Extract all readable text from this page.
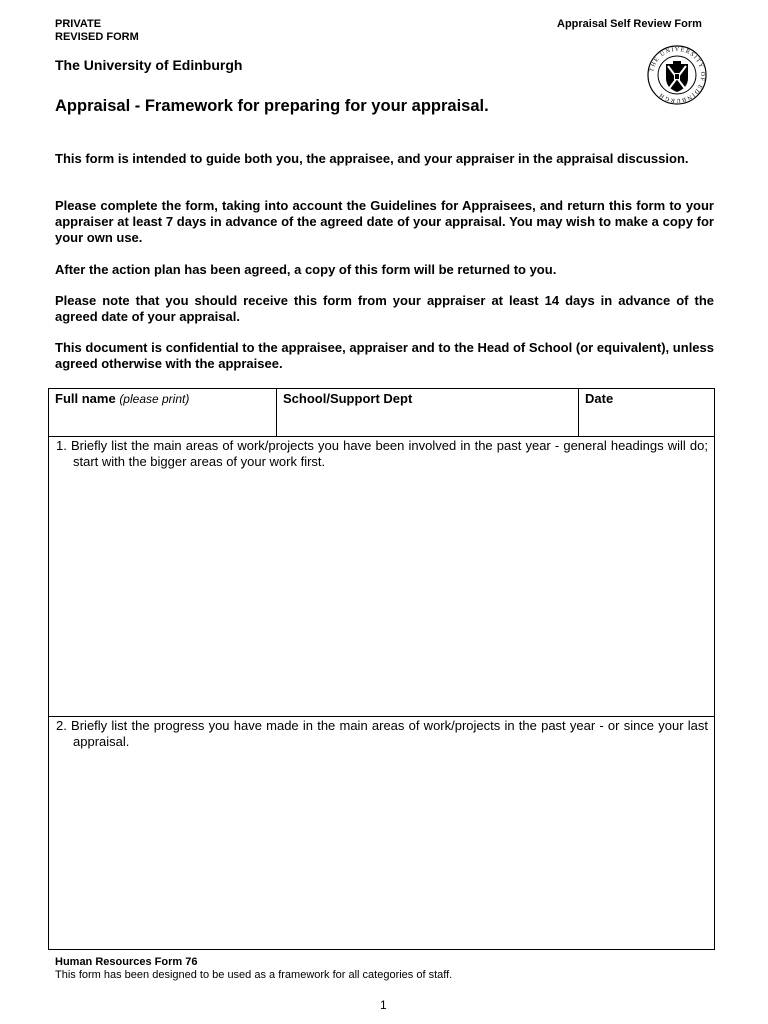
PRIVATE
REVISED FORM
Appraisal Self Review Form
The University of Edinburgh	THE UNIVERSITY OF EDINBURGH
Appraisal - Framework for preparing for your appraisal.
This form is intended to guide both you, the appraisee, and your appraiser in the appraisal discussion.
Please complete the form, taking into account the Guidelines for Appraisees, and return this form to your appraiser at least 7 days in advance of the agreed date of your appraisal. You may wish to make a copy for your own use.
After the action plan has been agreed, a copy of this form will be returned to you.
Please note that you should receive this form from your appraiser at least 14 days in advance of the agreed date of your appraisal.
This document is confidential to the appraisee, appraiser and to the Head of School (or equivalent), unless agreed otherwise with the appraisee.
Full name (please print)	School/Support Dept	Date

1. Briefly list the main areas of work/projects you have been involved in the past year - general headings will do; start with the bigger areas of your work first.

2. Briefly list the progress you have made in the main areas of work/projects in the past year - or since your last appraisal.
Human Resources Form 76
This form has been designed to be used as a framework for all categories of staff.
1
